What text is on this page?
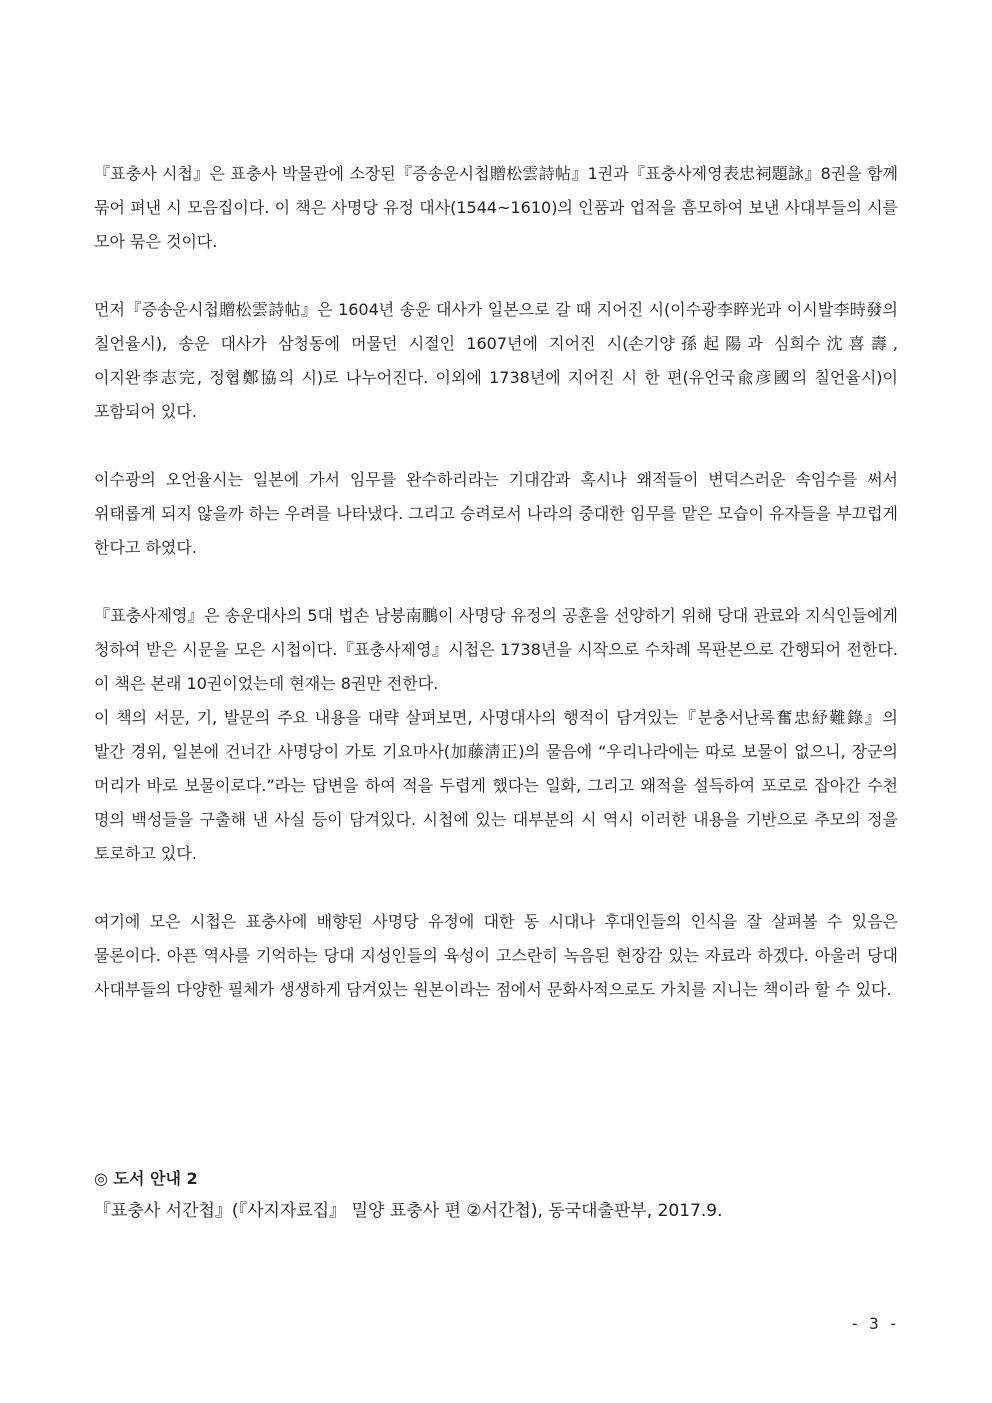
『표충사 시첩』은 표충사 박물관에 소장된『증송운시첩贈松雲詩帖』1권과『표충사제영表忠祠題詠』8권을 함께 묶어 펴낸 시 모음집이다. 이 책은 사명당 유정 대사(1544~1610)의 인품과 업적을 흠모하여 보낸 사대부들의 시를 모아 묶은 것이다.

먼저『증송운시첩贈松雲詩帖』은 1604년 송운 대사가 일본으로 갈 때 지어진 시(이수광李睟光과 이시발李時發의 칠언율시), 송운 대사가 삼청동에 머물던 시절인 1607년에 지어진 시(손기양孫起陽과 심희수沈喜壽, 이지완李志完, 정협鄭協의 시)로 나누어진다. 이외에 1738년에 지어진 시 한 편(유언국兪彦國의 칠언율시)이 포함되어 있다.

이수광의 오언율시는 일본에 가서 임무를 완수하리라는 기대감과 혹시나 왜적들이 변덕스러운 속임수를 써서 위태롭게 되지 않을까 하는 우려를 나타냈다. 그리고 승려로서 나라의 중대한 임무를 맡은 모습이 유자들을 부끄럽게 한다고 하였다.

『표충사제영』은 송운대사의 5대 법손 남붕南鵬이 사명당 유정의 공훈을 선양하기 위해 당대 관료와 지식인들에게 청하여 받은 시문을 모은 시첩이다.『표충사제영』시첩은 1738년을 시작으로 수차례 목판본으로 간행되어 전한다. 이 책은 본래 10권이었는데 현재는 8권만 전한다.

이 책의 서문, 기, 발문의 주요 내용을 대략 살펴보면, 사명대사의 행적이 담겨있는『분충서난록奮忠紓難錄』의 발간 경위, 일본에 건너간 사명당이 가토 기요마사(加藤淸正)의 물음에 “우리나라에는 따로 보물이 없으니, 장군의 머리가 바로 보물이로다.”라는 답변을 하여 적을 두렵게 했다는 일화, 그리고 왜적을 설득하여 포로로 잡아간 수천 명의 백성들을 구출해 낸 사실 등이 담겨있다. 시첩에 있는 대부분의 시 역시 이러한 내용을 기반으로 추모의 정을 토로하고 있다.

여기에 모은 시첩은 표충사에 배향된 사명당 유정에 대한 동 시대나 후대인들의 인식을 잘 살펴볼 수 있음은 물론이다. 아픈 역사를 기억하는 당대 지성인들의 육성이 고스란히 녹음된 현장감 있는 자료라 하겠다. 아울러 당대 사대부들의 다양한 필체가 생생하게 담겨있는 원본이라는 점에서 문화사적으로도 가치를 지니는 책이라 할 수 있다.

◎ 도서 안내 2

『표충사 서간첩』(『사지자료집』 밀양 표충사 편 ②서간첩), 동국대출판부, 2017.9.

- 3 -
